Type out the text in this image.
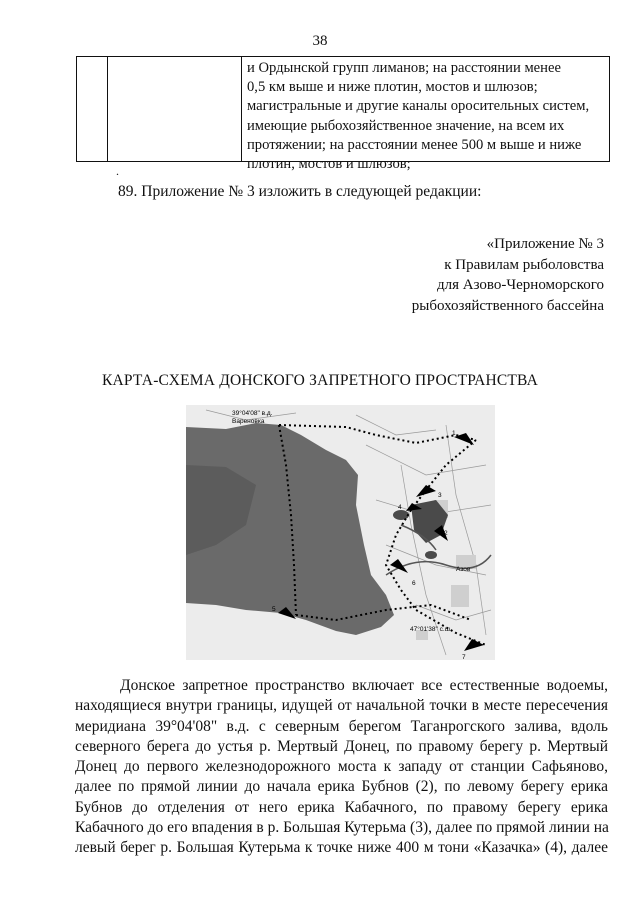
38

и Ордынской групп лиманов; на расстоянии менее

0,5 км выше и ниже плотин, мостов и шлюзов;

магистральные и другие каналы оросительных систем,

имеющие рыбохозяйственное значение, на всем их

протяжении; на расстоянии менее 500 м выше и ниже

плотин, мостов и шлюзов;

.
89. Приложение № 3 изложить в следующей редакции:
«Приложение № 3
к Правилам рыболовства
для Азово-Черноморского
рыбохозяйственного бассейна
КАРТА-СХЕМА ДОНСКОГО ЗАПРЕТНОГО ПРОСТРАНСТВА
39°04'08" в.д.
Вареновка
Азов
47°01'38" с.ш.
1
2
3
4
5
6
7
Донское запретное пространство включает все естественные водоемы,
находящиеся внутри границы, идущей от начальной точки в месте пересечения
меридиана 39°04'08" в.д. с северным берегом Таганрогского залива, вдоль
северного берега до устья р. Мертвый Донец, по правому берегу р. Мертвый
Донец до первого железнодорожного моста к западу от станции Сафьяново,
далее по прямой линии до начала ерика Бубнов (2), по левому берегу ерика
Бубнов до отделения от него ерика Кабачного, по правому берегу ерика
Кабачного до его впадения в р. Большая Кутерьма (3), далее по прямой линии на
левый берег р. Большая Кутерьма к точке ниже 400 м тони «Казачка» (4), далее
